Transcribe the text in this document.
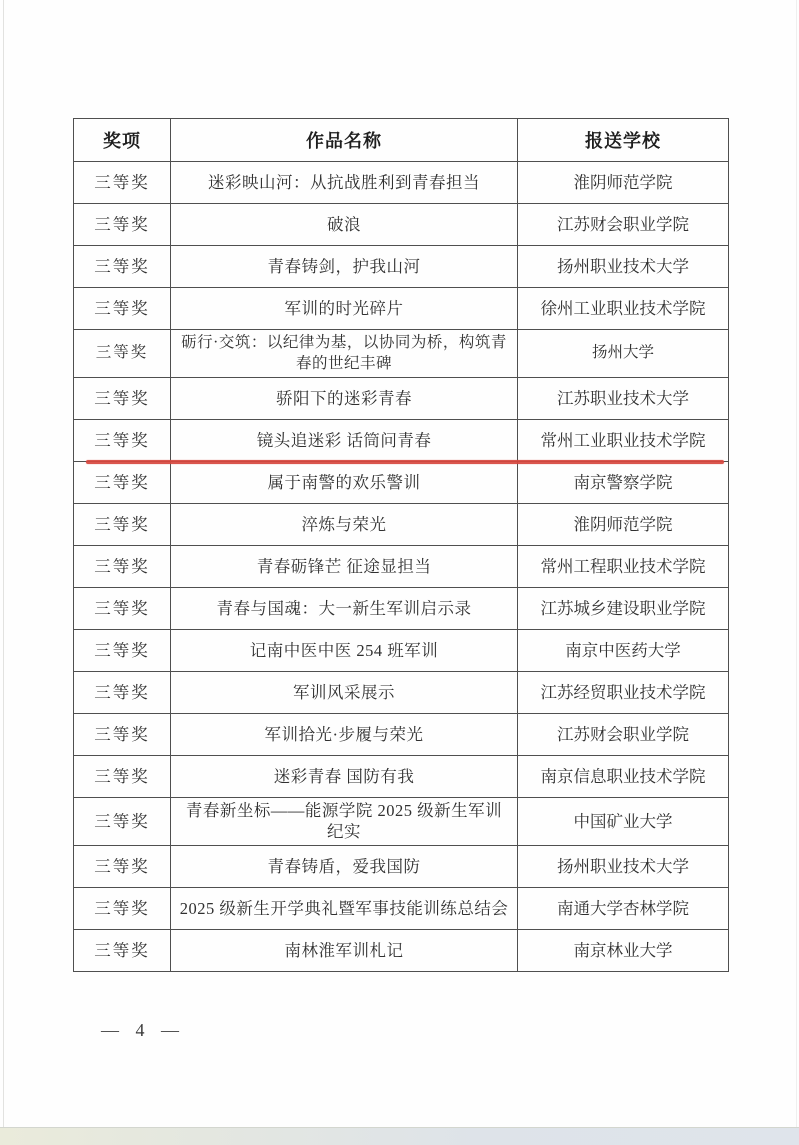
奖项	作品名称	报送学校
三等奖	迷彩映山河：从抗战胜利到青春担当	淮阴师范学院
三等奖	破浪	江苏财会职业学院
三等奖	青春铸剑，护我山河	扬州职业技术大学
三等奖	军训的时光碎片	徐州工业职业技术学院
三等奖	砺行·交筑：以纪律为基，以协同为桥，构筑青春的世纪丰碑	扬州大学
三等奖	骄阳下的迷彩青春	江苏职业技术大学
三等奖	镜头追迷彩 话筒问青春	常州工业职业技术学院
三等奖	属于南警的欢乐警训	南京警察学院
三等奖	淬炼与荣光	淮阴师范学院
三等奖	青春砺锋芒 征途显担当	常州工程职业技术学院
三等奖	青春与国魂：大一新生军训启示录	江苏城乡建设职业学院
三等奖	记南中医中医 254 班军训	南京中医药大学
三等奖	军训风采展示	江苏经贸职业技术学院
三等奖	军训拾光·步履与荣光	江苏财会职业学院
三等奖	迷彩青春 国防有我	南京信息职业技术学院
三等奖	青春新坐标——能源学院 2025 级新生军训纪实	中国矿业大学
三等奖	青春铸盾，爱我国防	扬州职业技术大学
三等奖	2025 级新生开学典礼暨军事技能训练总结会	南通大学杏林学院
三等奖	南林淮军训札记	南京林业大学
— 4 —
